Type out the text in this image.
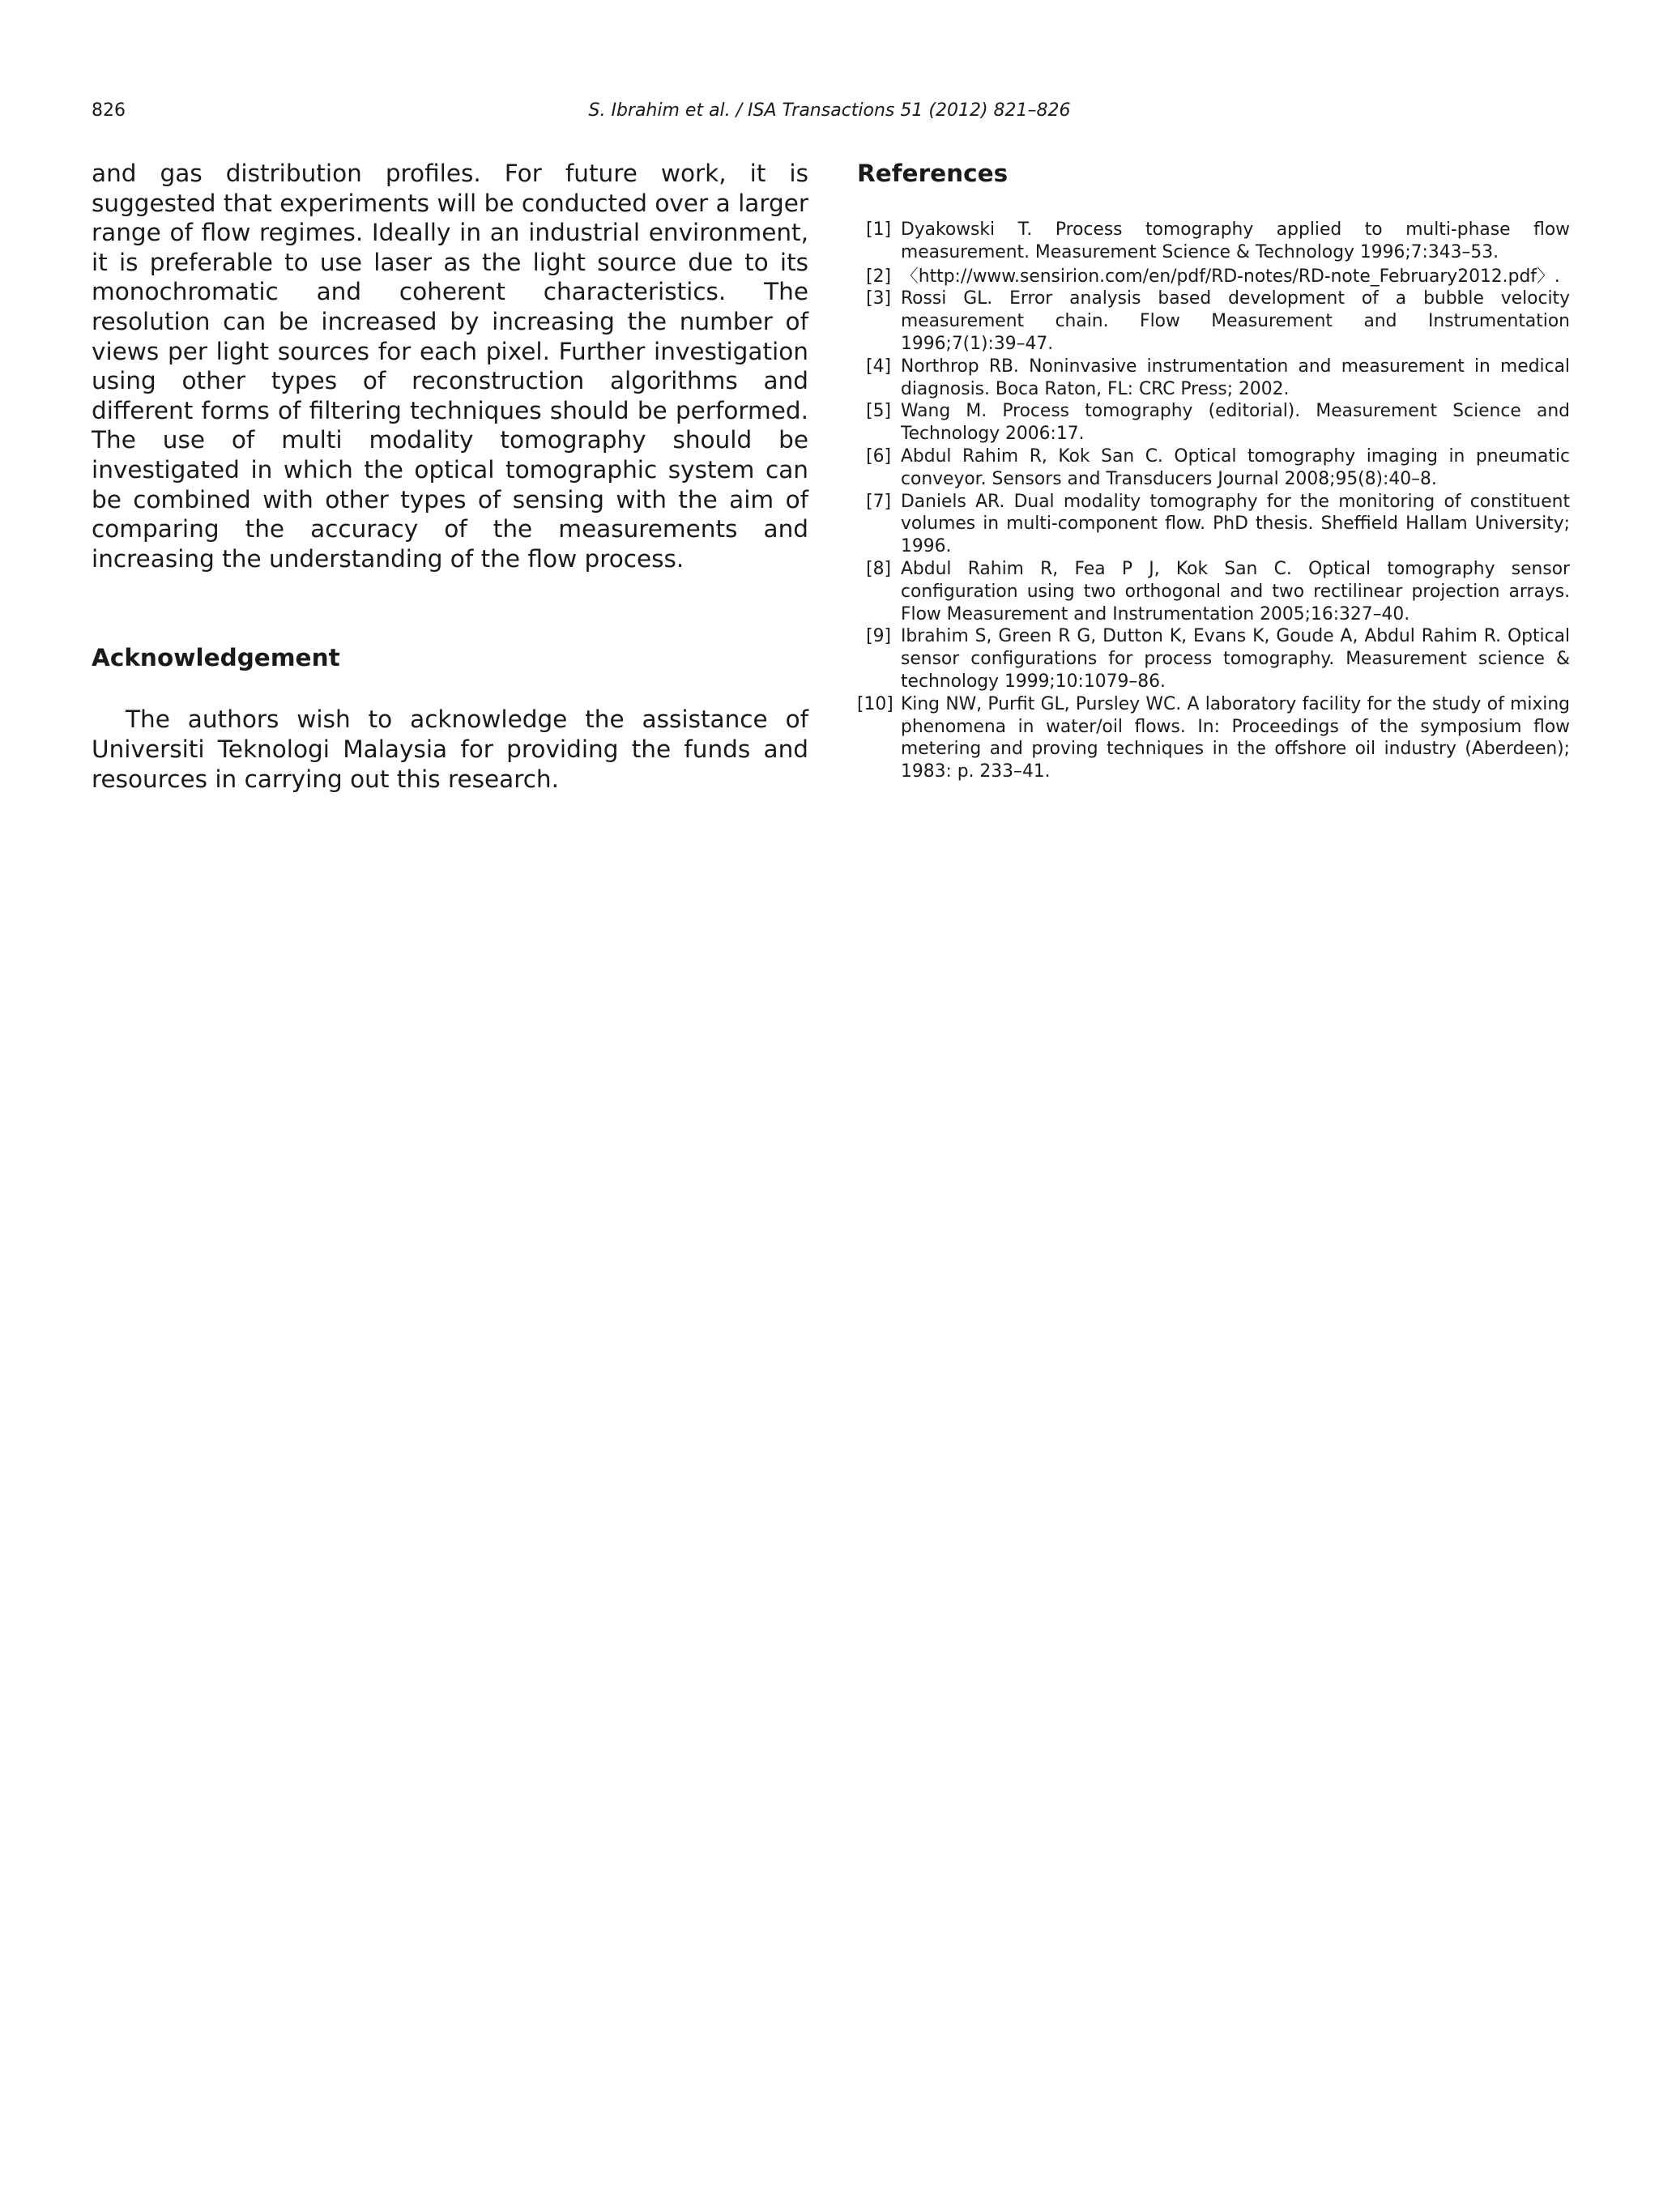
826	S. Ibrahim et al. / ISA Transactions 51 (2012) 821–826

and gas distribution profiles. For future work, it is suggested that experiments will be conducted over a larger range of flow regimes. Ideally in an industrial environment, it is preferable to use laser as the light source due to its monochromatic and coherent characteristics. The resolution can be increased by increasing the number of views per light sources for each pixel. Further investigation using other types of reconstruction algorithms and different forms of filtering techniques should be performed. The use of multi modality tomography should be investigated in which the optical tomographic system can be combined with other types of sensing with the aim of comparing the accuracy of the measurements and increasing the understanding of the flow process.

Acknowledgement

The authors wish to acknowledge the assistance of Universiti Teknologi Malaysia for providing the funds and resources in carrying out this research.

References
[1] Dyakowski T. Process tomography applied to multi-phase flow measurement. Measurement Science & Technology 1996;7:343–53.
[2] 〈http://www.sensirion.com/en/pdf/RD-notes/RD-note_February2012.pdf〉.
[3] Rossi GL. Error analysis based development of a bubble velocity measurement chain. Flow Measurement and Instrumentation 1996;7(1):39–47.
[4] Northrop RB. Noninvasive instrumentation and measurement in medical diagnosis. Boca Raton, FL: CRC Press; 2002.
[5] Wang M. Process tomography (editorial). Measurement Science and Technology 2006:17.
[6] Abdul Rahim R, Kok San C. Optical tomography imaging in pneumatic conveyor. Sensors and Transducers Journal 2008;95(8):40–8.
[7] Daniels AR. Dual modality tomography for the monitoring of constituent volumes in multi-component flow. PhD thesis. Sheffield Hallam University; 1996.
[8] Abdul Rahim R, Fea P J, Kok San C. Optical tomography sensor configuration using two orthogonal and two rectilinear projection arrays. Flow Measurement and Instrumentation 2005;16:327–40.
[9] Ibrahim S, Green R G, Dutton K, Evans K, Goude A, Abdul Rahim R. Optical sensor configurations for process tomography. Measurement science & technology 1999;10:1079–86.
[10] King NW, Purfit GL, Pursley WC. A laboratory facility for the study of mixing phenomena in water/oil flows. In: Proceedings of the symposium flow metering and proving techniques in the offshore oil industry (Aberdeen); 1983: p. 233–41.
